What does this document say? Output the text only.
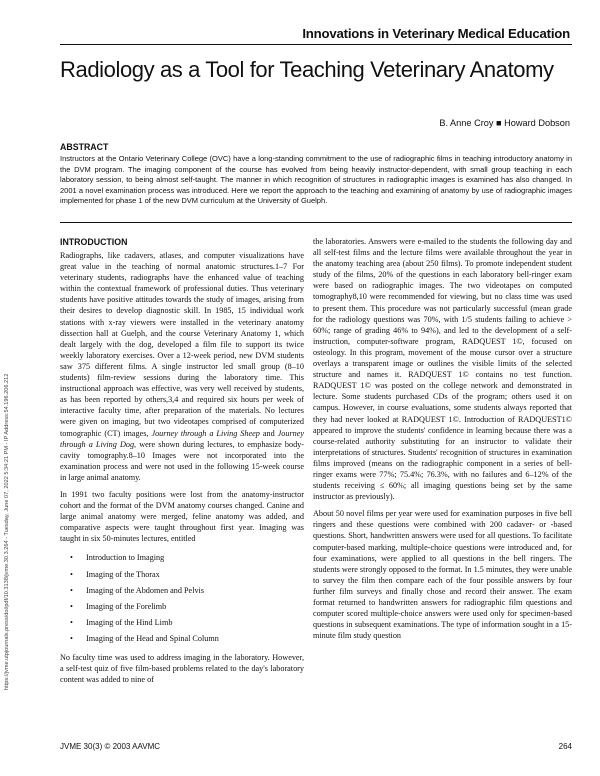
Innovations in Veterinary Medical Education
Radiology as a Tool for Teaching Veterinary Anatomy
B. Anne Croy ■ Howard Dobson
https://jvme.utpjournals.press/doi/pdf/10.3138/jvme.30.3.264 - Tuesday, June 07, 2022 5:34:21 PM - IP Address:54.196.206.212
ABSTRACT
Instructors at the Ontario Veterinary College (OVC) have a long-standing commitment to the use of radiographic films in teaching introductory anatomy in the DVM program. The imaging component of the course has evolved from being heavily instructor-dependent, with small group teaching in each laboratory session, to being almost self-taught. The manner in which recognition of structures in radiographic images is examined has also changed. In 2001 a novel examination process was introduced. Here we report the approach to the teaching and examining of anatomy by use of radiographic images implemented for phase 1 of the new DVM curriculum at the University of Guelph.
INTRODUCTION

Radiographs, like cadavers, atlases, and computer visualizations have great value in the teaching of normal anatomic structures.1–7 For veterinary students, radiographs have the enhanced value of teaching within the contextual framework of professional duties. Thus veterinary students have positive attitudes towards the study of images, arising from their desires to develop diagnostic skill. In 1985, 15 individual work stations with x-ray viewers were installed in the veterinary anatomy dissection hall at Guelph, and the course Veterinary Anatomy 1, which dealt largely with the dog, developed a film file to support its twice weekly laboratory exercises. Over a 12-week period, new DVM students saw 375 different films. A single instructor led small group (8–10 students) film-review sessions during the laboratory time. This instructional approach was effective, was very well received by students, as has been reported by others,3,4 and required six hours per week of interactive faculty time, after preparation of the materials. No lectures were given on imaging, but two videotapes comprised of computerized tomographic (CT) images, Journey through a Living Sheep and Journey through a Living Dog, were shown during lectures, to emphasize body-cavity tomography.8–10 Images were not incorporated into the examination process and were not used in the following 15-week course in large animal anatomy.

In 1991 two faculty positions were lost from the anatomy-instructor cohort and the format of the DVM anatomy courses changed. Canine and large animal anatomy were merged, feline anatomy was added, and comparative aspects were taught throughout first year. Imaging was taught in six 50-minutes lectures, entitled

• Introduction to Imaging
• Imaging of the Thorax
• Imaging of the Abdomen and Pelvis
• Imaging of the Forelimb
• Imaging of the Hind Limb
• Imaging of the Head and Spinal Column

No faculty time was used to address imaging in the laboratory. However, a self-test quiz of five film-based problems related to the day's laboratory content was added to nine of

the laboratories. Answers were e-mailed to the students the following day and all self-test films and the lecture films were available throughout the year in the anatomy teaching area (about 250 films). To promote independent student study of the films, 20% of the questions in each laboratory bell-ringer exam were based on radiographic images. The two videotapes on computed tomography8,10 were recommended for viewing, but no class time was used to present them. This procedure was not particularly successful (mean grade for the radiology questions was 70%, with 1/5 students failing to achieve > 60%; range of grading 46% to 94%), and led to the development of a self-instruction, computer-software program, RADQUEST 1©, focused on osteology. In this program, movement of the mouse cursor over a structure overlays a transparent image or outlines the visible limits of the selected structure and names it. RADQUEST 1© contains no test function. RADQUEST 1© was posted on the college network and demonstrated in lecture. Some students purchased CDs of the program; others used it on campus. However, in course evaluations, some students always reported that they had never looked at RADQUEST 1©. Introduction of RADQUEST1© appeared to improve the students' confidence in learning because there was a course-related authority substituting for an instructor to validate their interpretations of structures. Students' recognition of structures in examination films improved (means on the radiographic component in a series of bell-ringer exams were 77%; 75.4%; 76.3%, with no failures and 6–12% of the students receiving ≤ 60%; all imaging questions being set by the same instructor as previously).

About 50 novel films per year were used for examination purposes in five bell ringers and these questions were combined with 200 cadaver- or -based questions. Short, handwritten answers were used for all questions. To facilitate computer-based marking, multiple-choice questions were introduced and, for four examinations, were applied to all questions in the bell ringers. The students were strongly opposed to the format. In 1.5 minutes, they were unable to survey the film then compare each of the four possible answers by four further film surveys and finally chose and record their answer. The exam format returned to handwritten answers for radiographic film questions and computer scored multiple-choice answers were used only for specimen-based questions in subsequent examinations. The type of information sought in a 15-minute film study question

JVME 30(3) © 2003 AAVMC	264
